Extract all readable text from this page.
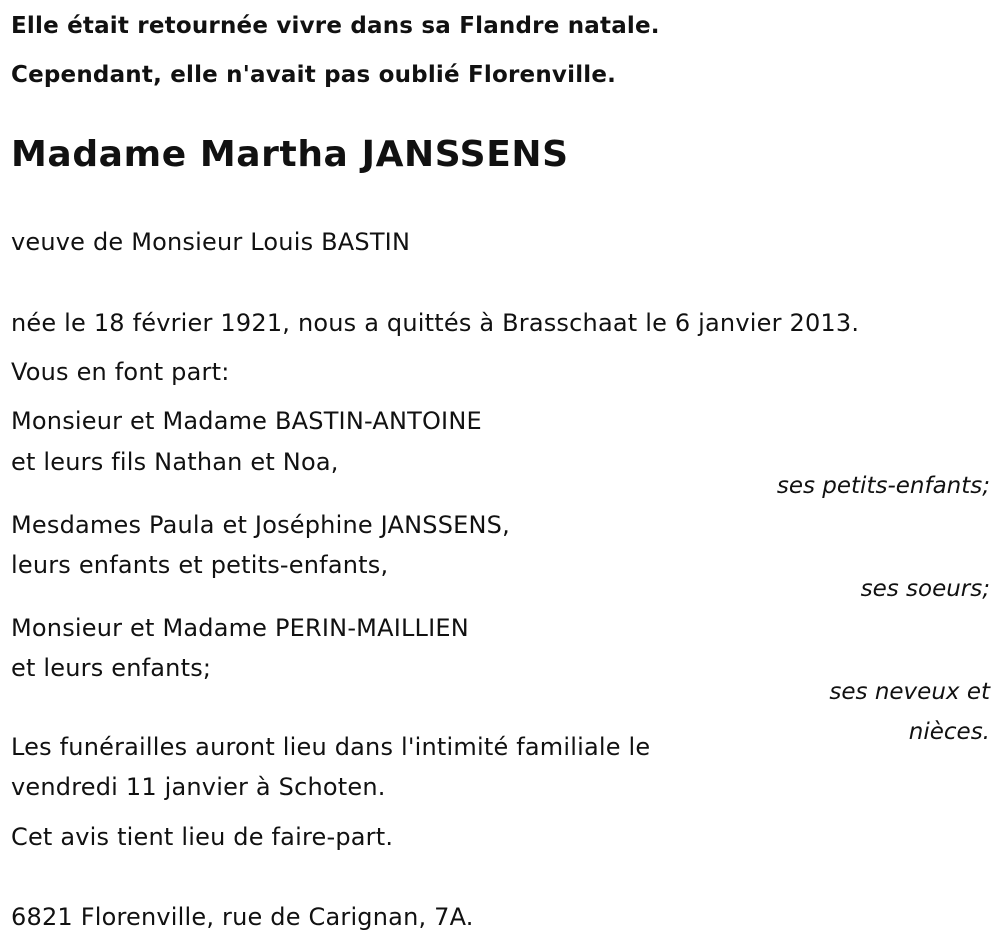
Elle était retournée vivre dans sa Flandre natale.
Cependant, elle n'avait pas oublié Florenville.
Madame Martha JANSSENS
veuve de Monsieur Louis BASTIN
née le 18 février 1921, nous a quittés à Brasschaat le 6 janvier 2013.
Vous en font part:
Monsieur et Madame BASTIN-ANTOINE
et leurs fils Nathan et Noa,
ses petits-enfants;
Mesdames Paula et Joséphine JANSSENS,
leurs enfants et petits-enfants,
ses soeurs;
Monsieur et Madame PERIN-MAILLIEN
et leurs enfants;
ses neveux et
nièces.
Les funérailles auront lieu dans l'intimité familiale le
vendredi 11 janvier à Schoten.
Cet avis tient lieu de faire-part.
6821 Florenville, rue de Carignan, 7A.
